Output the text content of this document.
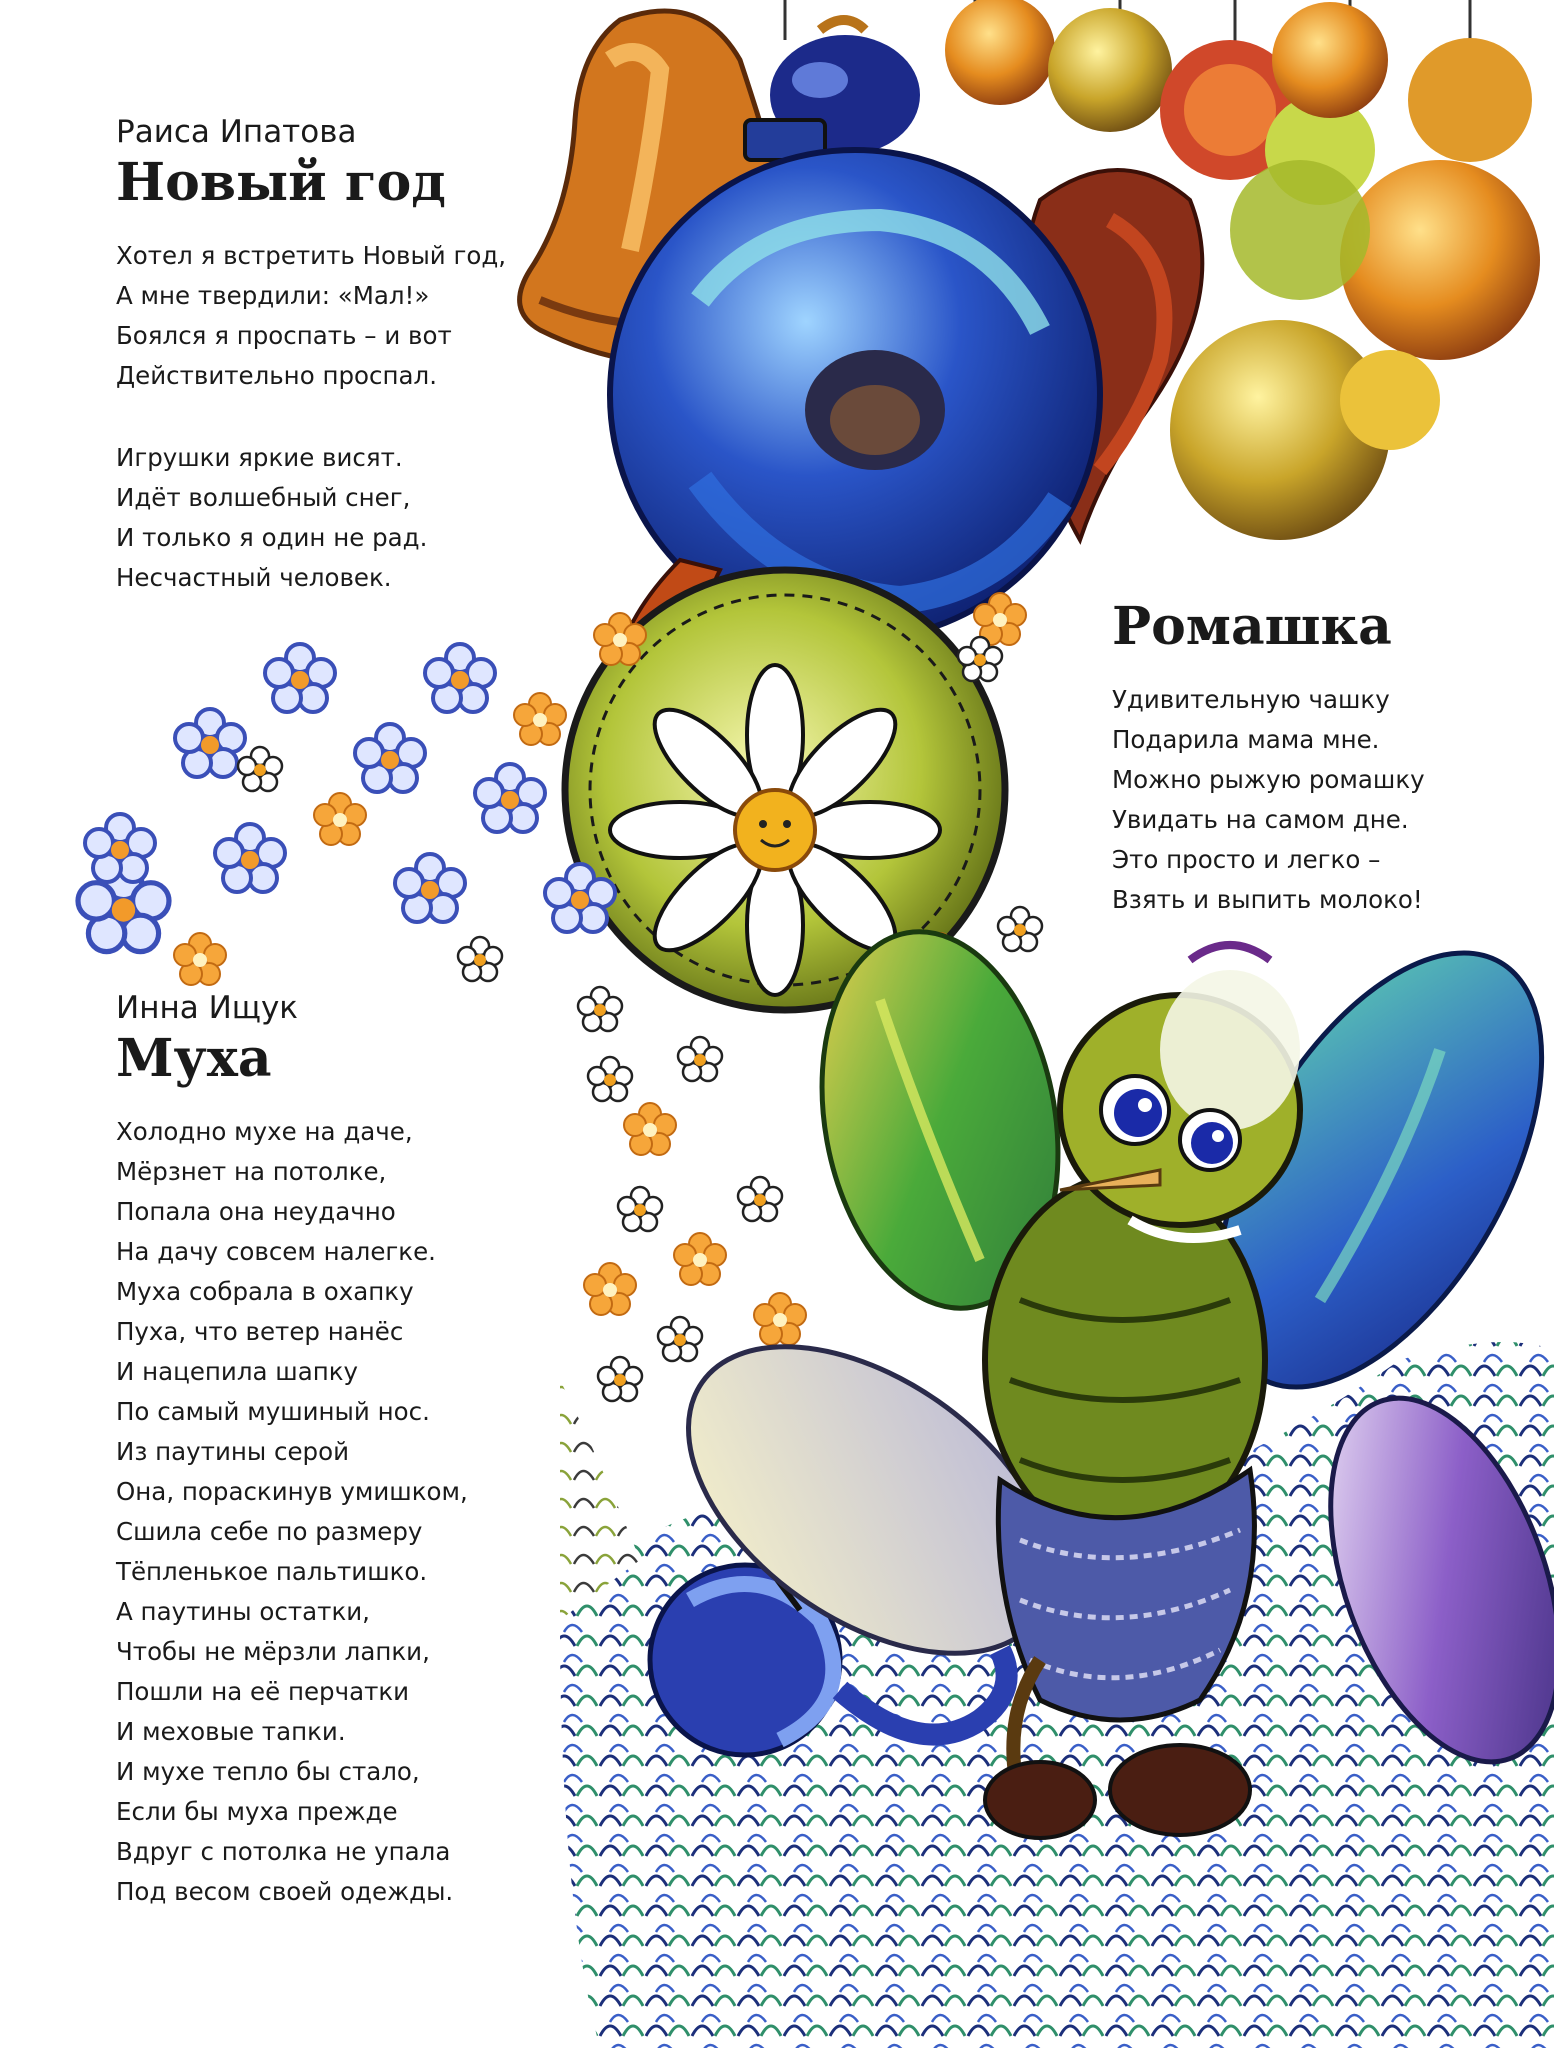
Раиса Ипатова
Новый год
Хотел я встретить Новый год,
А мне твердили: «Мал!»
Боялся я проспать – и вот
Действительно проспал.
Игрушки яркие висят.
Идёт волшебный снег,
И только я один не рад.
Несчастный человек.
Ромашка
Удивительную чашку
Подарила мама мне.
Можно рыжую ромашку
Увидать на самом дне.
Это просто и легко –
Взять и выпить молоко!
Инна Ищук
Муха
Холодно мухе на даче,
Мёрзнет на потолке,
Попала она неудачно
На дачу совсем налегке.
Муха собрала в охапку
Пуха, что ветер нанёс
И нацепила шапку
По самый мушиный нос.
Из паутины серой
Она, пораскинув умишком,
Сшила себе по размеру
Тёпленькое пальтишко.
А паутины остатки,
Чтобы не мёрзли лапки,
Пошли на её перчатки
И меховые тапки.
И мухе тепло бы стало,
Если бы муха прежде
Вдруг с потолка не упала
Под весом своей одежды.
